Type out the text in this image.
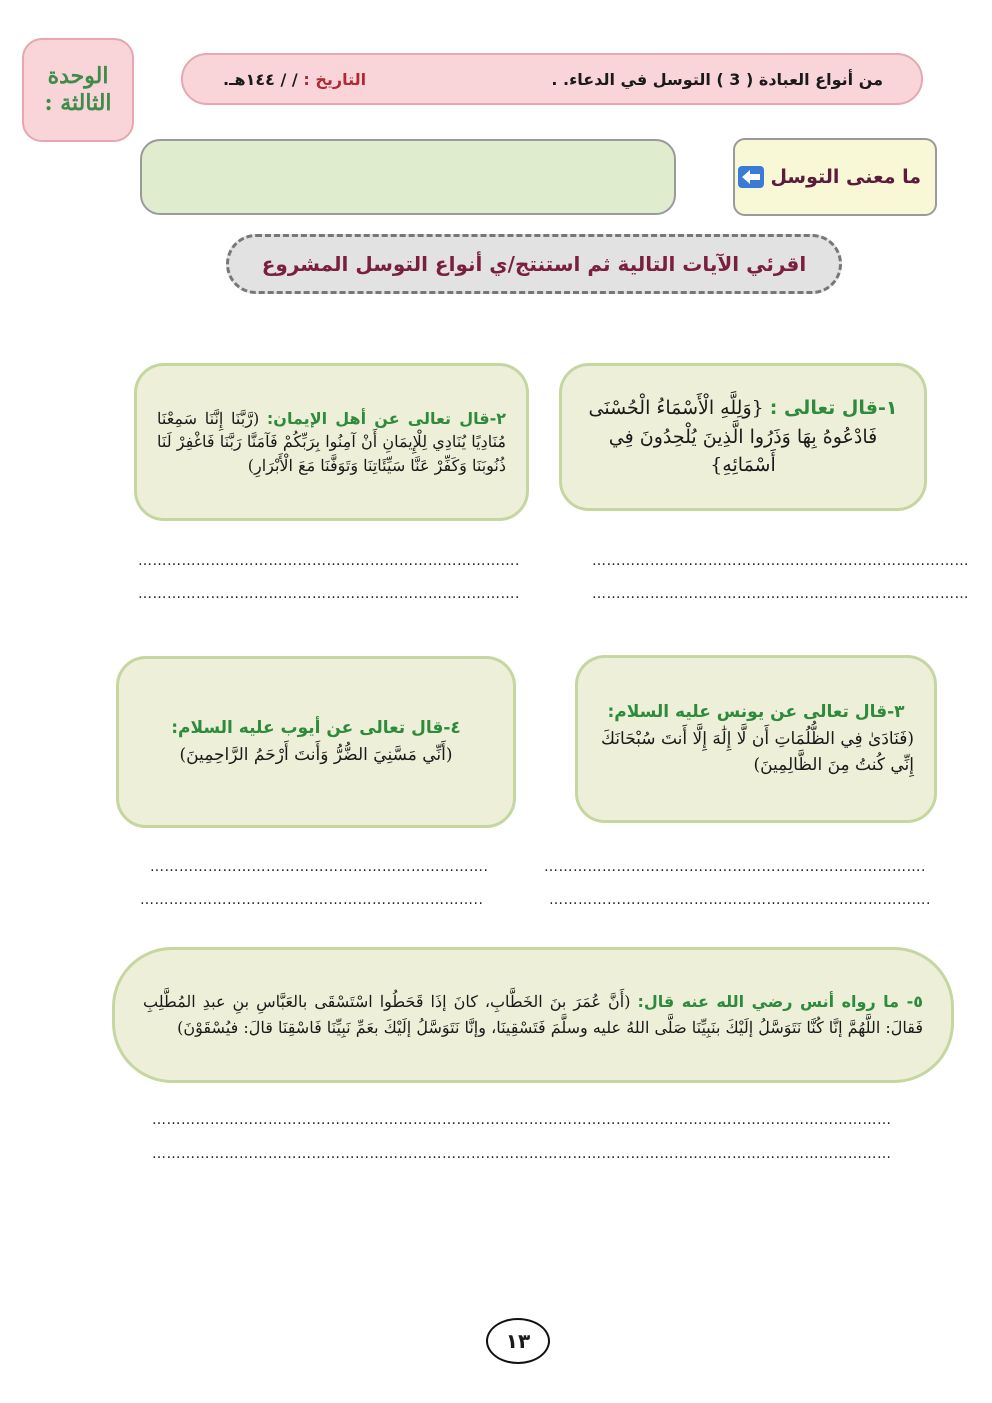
الوحدة
الثالثة :
من أنواع العبادة ( 3 ) التوسل في الدعاء. .
التاريخ : / / ١٤٤هـ.
ما معنى التوسل
اقرئي الآيات التالية ثم استنتج/ي أنواع التوسل المشروع
١-قال تعالى : {وَلِلَّهِ الْأَسْمَاءُ الْحُسْنَى فَادْعُوهُ بِهَا وَذَرُوا الَّذِينَ يُلْحِدُونَ فِي أَسْمَائِهِ}
٢-قال تعالى عن أهل الإيمان: (رَّبَّنَا إِنَّنَا سَمِعْنَا مُنَادِيًا يُنَادِي لِلْإِيمَانِ أَنْ آمِنُوا بِرَبِّكُمْ فَآمَنَّا رَبَّنَا فَاغْفِرْ لَنَا ذُنُوبَنَا وَكَفِّرْ عَنَّا سَيِّئَاتِنَا وَتَوَفَّنَا مَعَ الْأَبْرَارِ)
……………………………………………………………………
……………………………………………………………………
…………………………………………………………………….
…………………………………………………………………….
٣-قال تعالى عن يونس عليه السلام:
(فَنَادَىٰ فِي الظُّلُمَاتِ أَن لَّا إِلَٰهَ إِلَّا أَنتَ سُبْحَانَكَ إِنِّي كُنتُ مِنَ الظَّالِمِينَ)
٤-قال تعالى عن أيوب عليه السلام:
(أَنِّي مَسَّنِيَ الضُّرُّ وَأَنتَ أَرْحَمُ الرَّاحِمِينَ)
…………………………………………………………………….
…………………………………………………………………….
…………………………………………………………….
……………………………………………………………..
٥- ما رواه أنس رضي الله عنه قال: (أَنَّ عُمَرَ بنَ الخَطَّابِ، كانَ إذَا قَحَطُوا اسْتَسْقَى بالعَبَّاسِ بنِ عبدِ المُطَّلِبِ فَقالَ: اللَّهُمَّ إنَّا كُنَّا نَتَوَسَّلُ إلَيْكَ بنَبِيِّنَا صَلَّى اللهُ عليه وسلَّمَ فَتَسْقِينَا، وإنَّا نَتَوَسَّلُ إلَيْكَ بعَمِّ نَبِيِّنَا فَاسْقِنَا قالَ: فيُسْقَوْنَ)
………………………………………………………………………………………………………………………………………
………………………………………………………………………………………………………………………………………
١٣
